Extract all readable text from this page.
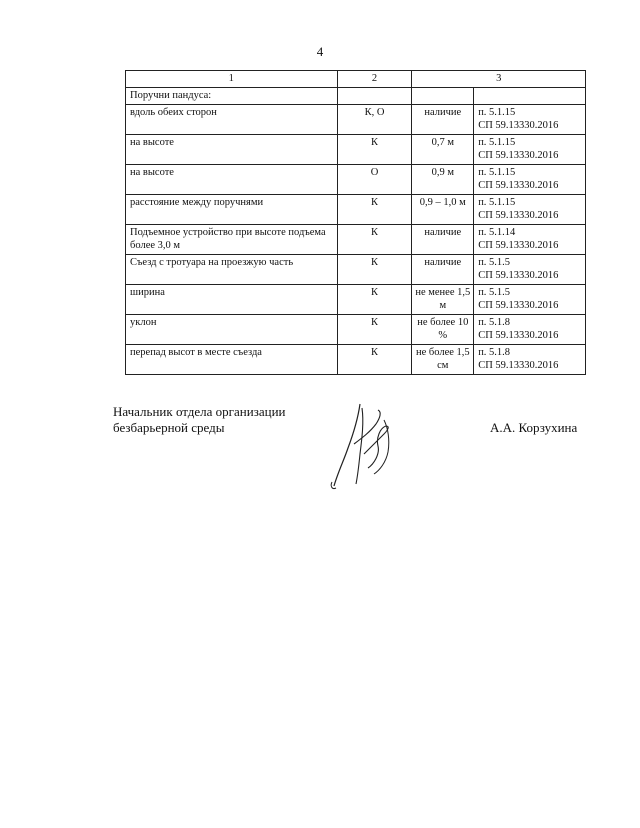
4
1	2	3	
Поручни пандуса:			
вдоль обеих сторон	К, О	наличие	п. 5.1.15
СП 59.13330.2016
на высоте	К	0,7 м	п. 5.1.15
СП 59.13330.2016
на высоте	О	0,9 м	п. 5.1.15
СП 59.13330.2016
расстояние между поручнями	К	0,9 – 1,0 м	п. 5.1.15
СП 59.13330.2016
Подъемное устройство при высоте подъема более 3,0 м	К	наличие	п. 5.1.14
СП 59.13330.2016
Съезд с тротуара на проезжую часть	К	наличие	п. 5.1.5
СП 59.13330.2016
ширина	К	не менее 1,5 м	п. 5.1.5
СП 59.13330.2016
уклон	К	не более 10 %	п. 5.1.8
СП 59.13330.2016
перепад высот в месте съезда	К	не более 1,5 см	п. 5.1.8
СП 59.13330.2016
Начальник отдела организации
безбарьерной среды	А.А. Корзухина
